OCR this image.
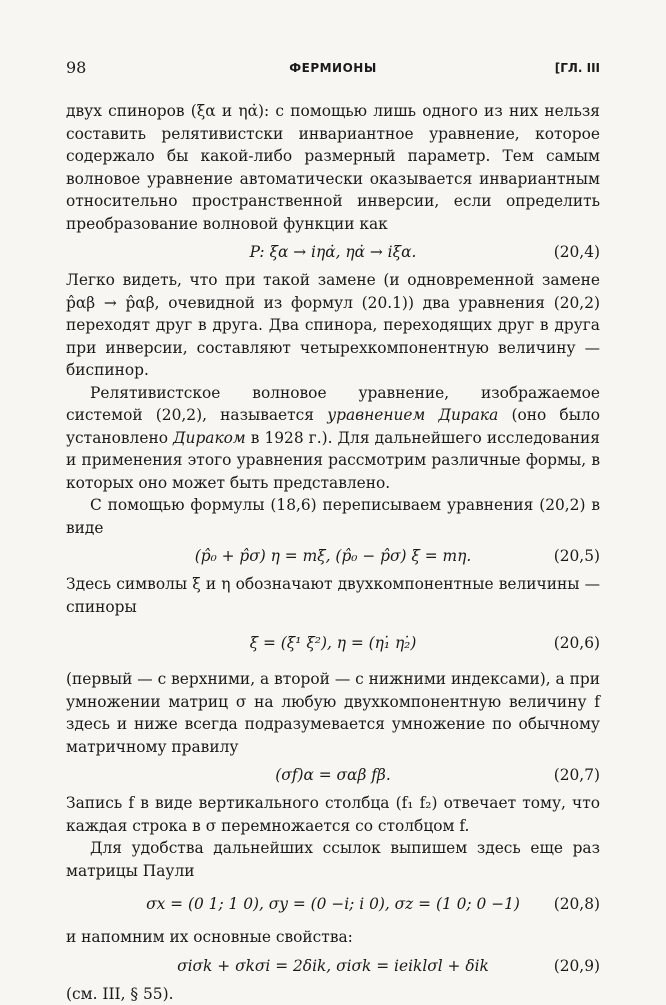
98	ФЕРМИОНЫ	[ГЛ. III

двух спиноров (ξα и ηα̇): с помощью лишь одного из них нельзя составить релятивистски инвариантное уравнение, которое содержало бы какой-либо размерный параметр. Тем самым волновое уравнение автоматически оказывается инвариантным относительно пространственной инверсии, если определить преобразование волновой функции как

P: ξα → iηα̇, ηα̇ → iξα.	(20,4)

Легко видеть, что при такой замене (и одновременной замене p̂αβ → p̂αβ, очевидной из формул (20.1)) два уравнения (20,2) переходят друг в друга. Два спинора, переходящих друг в друга при инверсии, составляют четырехкомпонентную величину — биспинор.

Релятивистское волновое уравнение, изображаемое системой (20,2), называется уравнением Дирака (оно было установлено Дираком в 1928 г.). Для дальнейшего исследования и применения этого уравнения рассмотрим различные формы, в которых оно может быть представлено.

С помощью формулы (18,6) переписываем уравнения (20,2) в виде

(p̂₀ + p̂σ) η = mξ, (p̂₀ − p̂σ) ξ = mη.	(20,5)

Здесь символы ξ и η обозначают двухкомпонентные величины — спиноры

ξ = (ξ¹ ξ²), η = (η₁̇ η₂̇)	(20,6)

(первый — с верхними, а второй — с нижними индексами), а при умножении матриц σ на любую двухкомпонентную величину f здесь и ниже всегда подразумевается умножение по обычному матричному правилу

(σf)α = σαβ fβ.	(20,7)

Запись f в виде вертикального столбца (f₁ f₂) отвечает тому, что каждая строка в σ перемножается со столбцом f.

Для удобства дальнейших ссылок выпишем здесь еще раз матрицы Паули

σx = (0 1; 1 0), σy = (0 −i; i 0), σz = (1 0; 0 −1)	(20,8)

и напомним их основные свойства:

σiσk + σkσi = 2δik, σiσk = ieiklσl + δik	(20,9)

(см. III, § 55).
